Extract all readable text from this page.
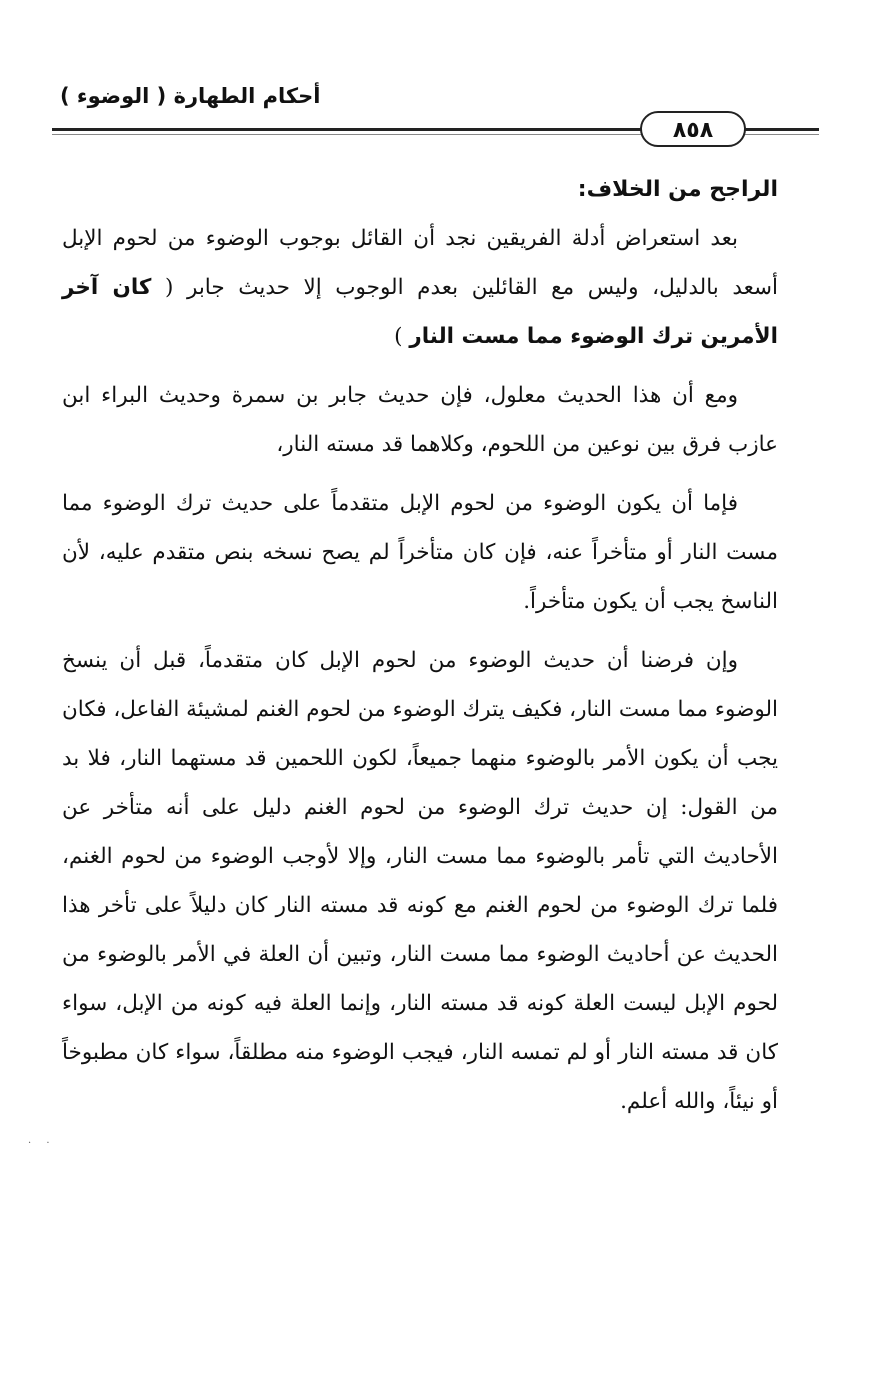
أحكام الطهارة ( الوضوء )
٨٥٨
الراجح من الخلاف:

بعد استعراض أدلة الفريقين نجد أن القائل بوجوب الوضوء من لحوم الإبل أسعد بالدليل، وليس مع القائلين بعدم الوجوب إلا حديث جابر ( كان آخر الأمرين ترك الوضوء مما مست النار )

ومع أن هذا الحديث معلول، فإن حديث جابر بن سمرة وحديث البراء ابن عازب فرق بين نوعين من اللحوم، وكلاهما قد مسته النار،

فإما أن يكون الوضوء من لحوم الإبل متقدماً على حديث ترك الوضوء مما مست النار أو متأخراً عنه، فإن كان متأخراً لم يصح نسخه بنص متقدم عليه، لأن الناسخ يجب أن يكون متأخراً.

وإن فرضنا أن حديث الوضوء من لحوم الإبل كان متقدماً، قبل أن ينسخ الوضوء مما مست النار، فكيف يترك الوضوء من لحوم الغنم لمشيئة الفاعل، فكان يجب أن يكون الأمر بالوضوء منهما جميعاً، لكون اللحمين قد مستهما النار، فلا بد من القول: إن حديث ترك الوضوء من لحوم الغنم دليل على أنه متأخر عن الأحاديث التي تأمر بالوضوء مما مست النار، وإلا لأوجب الوضوء من لحوم الغنم، فلما ترك الوضوء من لحوم الغنم مع كونه قد مسته النار كان دليلاً على تأخر هذا الحديث عن أحاديث الوضوء مما مست النار، وتبين أن العلة في الأمر بالوضوء من لحوم الإبل ليست العلة كونه قد مسته النار، وإنما العلة فيه كونه من الإبل، سواء كان قد مسته النار أو لم تمسه النار، فيجب الوضوء منه مطلقاً، سواء كان مطبوخاً أو نيئاً، والله أعلم.

· ·
